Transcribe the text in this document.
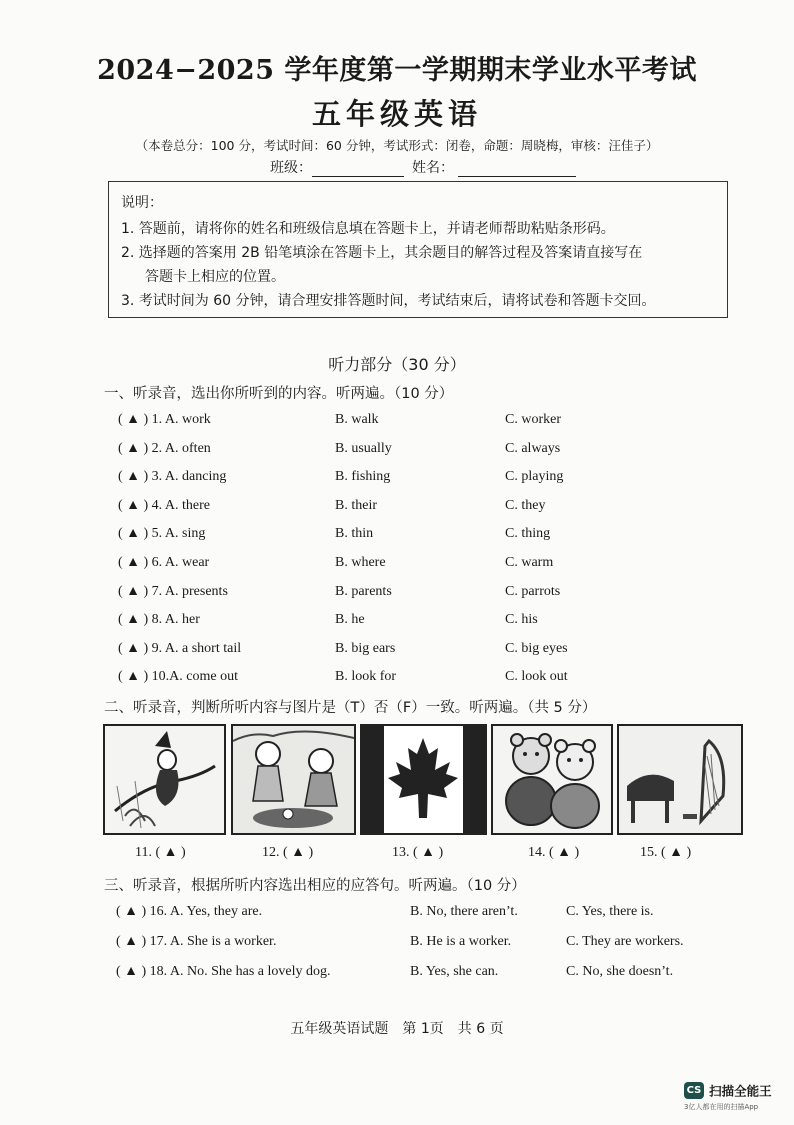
2024−2025 学年度第一学期期末学业水平考试
五年级英语
（本卷总分：100 分，考试时间：60 分钟，考试形式：闭卷，命题：周晓梅，审核：汪佳子）
班级：	姓名：
说明：
1. 答题前，请将你的姓名和班级信息填在答题卡上，并请老师帮助粘贴条形码。
2. 选择题的答案用 2B 铅笔填涂在答题卡上，其余题目的解答过程及答案请直接写在
答题卡上相应的位置。
3. 考试时间为 60 分钟，请合理安排答题时间，考试结束后，请将试卷和答题卡交回。
听力部分（30 分）
一、听录音，选出你所听到的内容。听两遍。（10 分）
( ▲ ) 1. A. work	B. walk	C. worker
( ▲ ) 2. A. often	B. usually	C. always
( ▲ ) 3. A. dancing	B. fishing	C. playing
( ▲ ) 4. A. there	B. their	C. they
( ▲ ) 5. A. sing	B. thin	C. thing
( ▲ ) 6. A. wear	B. where	C. warm
( ▲ ) 7. A. presents	B. parents	C. parrots
( ▲ ) 8. A. her	B. he	C. his
( ▲ ) 9. A. a short tail	B. big ears	C. big eyes
( ▲ ) 10.A. come out	B. look for	C. look out
二、听录音，判断所听内容与图片是（T）否（F）一致。听两遍。（共 5 分）
11. ( ▲ )	12. ( ▲ )	13. ( ▲ )	14. ( ▲ )	15. ( ▲ )
三、听录音，根据所听内容选出相应的应答句。听两遍。（10 分）
( ▲ ) 16. A. Yes, they are.	B. No, there aren’t.	C. Yes, there is.
( ▲ ) 17. A. She is a worker.	B. He is a worker.	C. They are workers.
( ▲ ) 18. A. No. She has a lovely dog.	B. Yes, she can.	C. No, she doesn’t.
五年级英语试题　第 1页　共 6 页
CS 扫描全能王
3亿人都在用的扫描App
